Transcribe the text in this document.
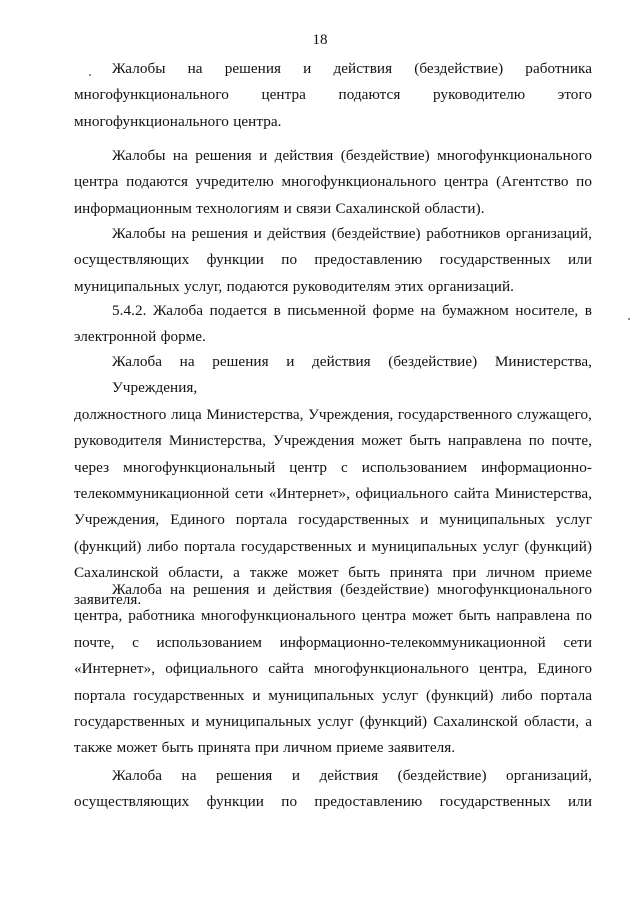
18

Жалобы на решения и действия (бездействие) работника
многофункционального центра подаются руководителю этого
многофункционального центра.

Жалобы на решения и действия (бездействие) многофункционального
центра подаются учредителю многофункционального центра (Агентство по
информационным технологиям и связи Сахалинской области).

Жалобы на решения и действия (бездействие) работников организаций,
осуществляющих функции по предоставлению государственных или
муниципальных услуг, подаются руководителям этих организаций.

5.4.2. Жалоба подается в письменной форме на бумажном носителе, в
электронной форме.

Жалоба на решения и действия (бездействие) Министерства, Учреждения,
должностного лица Министерства, Учреждения, государственного служащего,
руководителя Министерства, Учреждения может быть направлена по почте,
через многофункциональный центр с использованием информационно-
телекоммуникационной сети «Интернет», официального сайта Министерства,
Учреждения, Единого портала государственных и муниципальных услуг
(функций) либо портала государственных и муниципальных услуг (функций)
Сахалинской области, а также может быть принята при личном приеме
заявителя.

Жалоба на решения и действия (бездействие) многофункционального
центра, работника многофункционального центра может быть направлена по
почте, с использованием информационно-телекоммуникационной сети
«Интернет», официального сайта многофункционального центра, Единого
портала государственных и муниципальных услуг (функций) либо портала
государственных и муниципальных услуг (функций) Сахалинской области, а
также может быть принята при личном приеме заявителя.

Жалоба на решения и действия (бездействие) организаций,
осуществляющих функции по предоставлению государственных или
